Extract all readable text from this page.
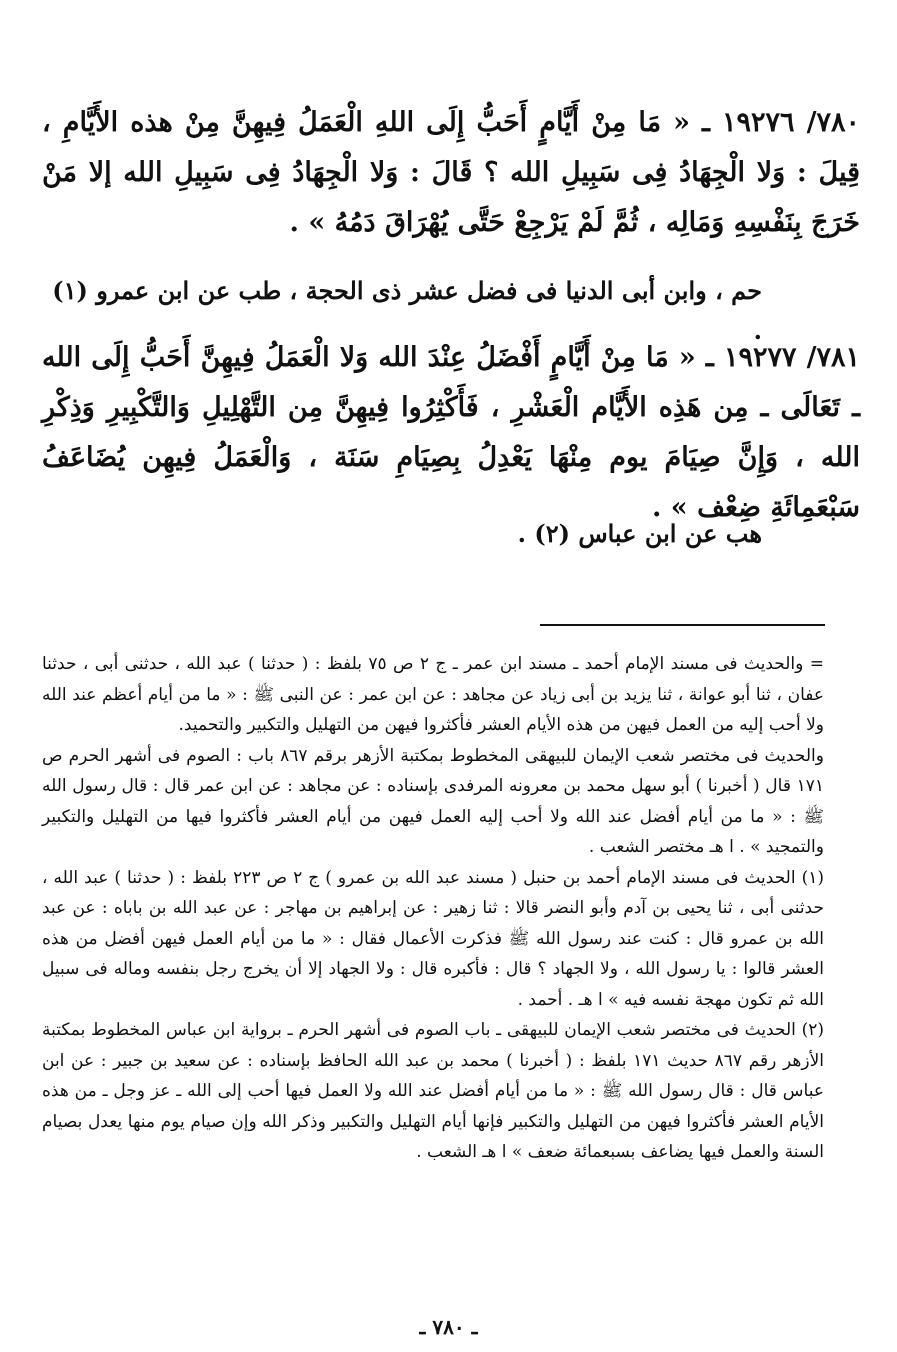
٧٨٠/ ١٩٢٧٦ ـ « مَا مِنْ أَيَّامٍ أَحَبُّ إِلَى اللهِ الْعَمَلُ فِيهِنَّ مِنْ هذه الأَيَّامِ ، قِيلَ : وَلا الْجِهَادُ فِى سَبِيلِ الله ؟ قَالَ : وَلا الْجِهَادُ فِى سَبِيلِ الله إلا مَنْ خَرَجَ بِنَفْسِهِ وَمَالِه ، ثُمَّ لَمْ يَرْجِعْ حَتَّى يُهْرَاقَ دَمُهُ » .
حم ، وابن أبى الدنيا فى فضل عشر ذى الحجة ، طب عن ابن عمرو (١) .
٧٨١/ ١٩٢٧٧ ـ « مَا مِنْ أَيَّامٍ أَفْضَلُ عِنْدَ الله وَلا الْعَمَلُ فِيهِنَّ أَحَبُّ إِلَى الله ـ تَعَالَى ـ مِن هَذِه الأَيَّام الْعَشْرِ ، فَأَكْثِرُوا فِيهِنَّ مِن التَّهْلِيلِ وَالتَّكْبِيرِ وَذِكْرِ الله ، وَإِنَّ صِيَامَ يوم مِنْهَا يَعْدِلُ بِصِيَامِ سَنَة ، وَالْعَمَلُ فِيهِن يُضَاعَفُ سَبْعَمِائَةِ ضِعْف » .
هب عن ابن عباس (٢) .

= والحديث فى مسند الإمام أحمد ـ مسند ابن عمر ـ ج ٢ ص ٧٥ بلفظ : ( حدثنا ) عبد الله ، حدثنى أبى ، حدثنا عفان ، ثنا أبو عوانة ، ثنا يزيد بن أبى زياد عن مجاهد : عن ابن عمر : عن النبى ﷺ : « ما من أيام أعظم عند الله ولا أحب إليه من العمل فيهن من هذه الأيام العشر فأكثروا فيهن من التهليل والتكبير والتحميد.

والحديث فى مختصر شعب الإيمان للبيهقى المخطوط بمكتبة الأزهر برقم ٨٦٧ باب : الصوم فى أشهر الحرم ص ١٧١ قال ( أخبرنا ) أبو سهل محمد بن معرونه المرفدى بإسناده : عن مجاهد : عن ابن عمر قال : قال رسول الله ﷺ : « ما من أيام أفضل عند الله ولا أحب إليه العمل فيهن من أيام العشر فأكثروا فيها من التهليل والتكبير والتمجيد » . ا هـ مختصر الشعب .

(١) الحديث فى مسند الإمام أحمد بن حنبل ( مسند عبد الله بن عمرو ) ج ٢ ص ٢٢٣ بلفظ : ( حدثنا ) عبد الله ، حدثنى أبى ، ثنا يحيى بن آدم وأبو النضر قالا : ثنا زهير : عن إبراهيم بن مهاجر : عن عبد الله بن باباه : عن عبد الله بن عمرو قال : كنت عند رسول الله ﷺ فذكرت الأعمال فقال : « ما من أيام العمل فيهن أفضل من هذه العشر قالوا : يا رسول الله ، ولا الجهاد ؟ قال : فأكبره قال : ولا الجهاد إلا أن يخرج رجل بنفسه وماله فى سبيل الله ثم تكون مهجة نفسه فيه » ا هـ . أحمد .

(٢) الحديث فى مختصر شعب الإيمان للبيهقى ـ باب الصوم فى أشهر الحرم ـ برواية ابن عباس المخطوط بمكتبة الأزهر رقم ٨٦٧ حديث ١٧١ بلفظ : ( أخبرنا ) محمد بن عبد الله الحافظ بإسناده : عن سعيد بن جبير : عن ابن عباس قال : قال رسول الله ﷺ : « ما من أيام أفضل عند الله ولا العمل فيها أحب إلى الله ـ عز وجل ـ من هذه الأيام العشر فأكثروا فيهن من التهليل والتكبير فإنها أيام التهليل والتكبير وذكر الله وإن صيام يوم منها يعدل بصيام السنة والعمل فيها يضاعف بسبعمائة ضعف » ا هـ الشعب .

ـ ٧٨٠ ـ
